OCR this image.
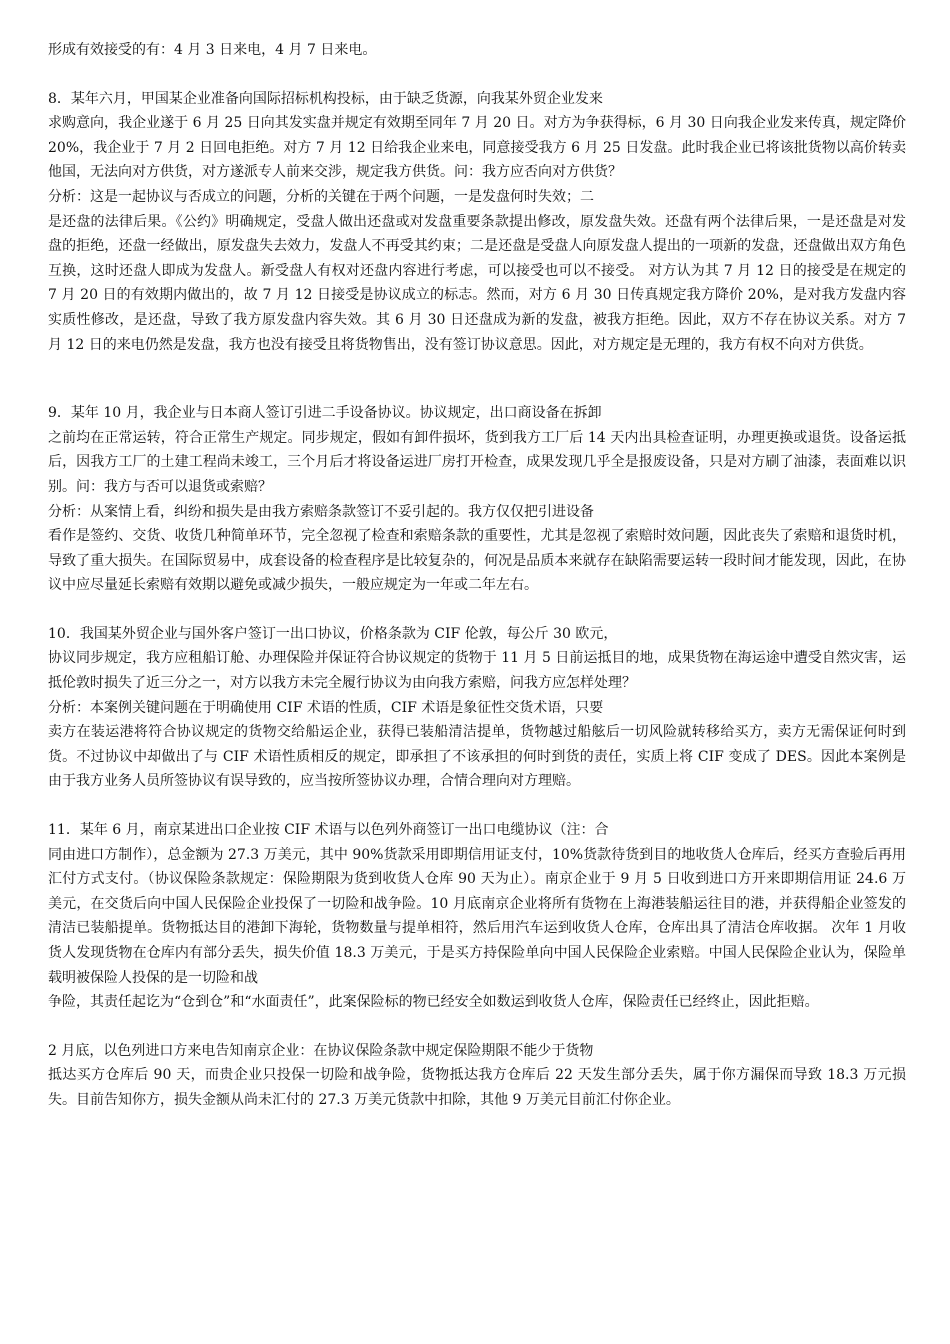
形成有效接受的有：4 月 3 日来电，4 月 7 日来电。
8．某年六月，甲国某企业准备向国际招标机构投标，由于缺乏货源，向我某外贸企业发来
求购意向，我企业遂于 6 月 25 日向其发实盘并规定有效期至同年 7 月 20 日。对方为争获得标，6 月 30 日向我企业发来传真，规定降价 20%，我企业于 7 月 2 日回电拒绝。对方 7 月 12 日给我企业来电，同意接受我方 6 月 25 日发盘。此时我企业已将该批货物以高价转卖他国，无法向对方供货，对方遂派专人前来交涉，规定我方供货。问：我方应否向对方供货？
分析：这是一起协议与否成立的问题，分析的关键在于两个问题，一是发盘何时失效；二
是还盘的法律后果。《公约》明确规定，受盘人做出还盘或对发盘重要条款提出修改，原发盘失效。还盘有两个法律后果，一是还盘是对发盘的拒绝，还盘一经做出，原发盘失去效力，发盘人不再受其约束；二是还盘是受盘人向原发盘人提出的一项新的发盘，还盘做出双方角色互换，这时还盘人即成为发盘人。新受盘人有权对还盘内容进行考虑，可以接受也可以不接受。 对方认为其 7 月 12 日的接受是在规定的 7 月 20 日的有效期内做出的，故 7 月 12 日接受是协议成立的标志。然而，对方 6 月 30 日传真规定我方降价 20%，是对我方发盘内容实质性修改，是还盘，导致了我方原发盘内容失效。其 6 月 30 日还盘成为新的发盘，被我方拒绝。因此，双方不存在协议关系。对方 7 月 12 日的来电仍然是发盘，我方也没有接受且将货物售出，没有签订协议意思。因此，对方规定是无理的，我方有权不向对方供货。
9．某年 10 月，我企业与日本商人签订引进二手设备协议。协议规定，出口商设备在拆卸
之前均在正常运转，符合正常生产规定。同步规定，假如有卸件损坏，货到我方工厂后 14 天内出具检查证明，办理更换或退货。设备运抵后，因我方工厂的土建工程尚未竣工，三个月后才将设备运进厂房打开检查，成果发现几乎全是报废设备，只是对方刷了油漆，表面难以识别。问：我方与否可以退货或索赔？
分析：从案情上看，纠纷和损失是由我方索赔条款签订不妥引起的。我方仅仅把引进设备
看作是签约、交货、收货几种简单环节，完全忽视了检查和索赔条款的重要性，尤其是忽视了索赔时效问题，因此丧失了索赔和退货时机，导致了重大损失。在国际贸易中，成套设备的检查程序是比较复杂的，何况是品质本来就存在缺陷需要运转一段时间才能发现，因此，在协议中应尽量延长索赔有效期以避免或减少损失，一般应规定为一年或二年左右。
10．我国某外贸企业与国外客户签订一出口协议，价格条款为 CIF 伦敦，每公斤 30 欧元，
协议同步规定，我方应租船订舱、办理保险并保证符合协议规定的货物于 11 月 5 日前运抵目的地，成果货物在海运途中遭受自然灾害，运抵伦敦时损失了近三分之一，对方以我方未完全履行协议为由向我方索赔，问我方应怎样处理？
分析：本案例关键问题在于明确使用 CIF 术语的性质，CIF 术语是象征性交货术语，只要
卖方在装运港将符合协议规定的货物交给船运企业，获得已装船清洁提单，货物越过船舷后一切风险就转移给买方，卖方无需保证何时到货。不过协议中却做出了与 CIF 术语性质相反的规定，即承担了不该承担的何时到货的责任，实质上将 CIF 变成了 DES。因此本案例是由于我方业务人员所签协议有误导致的，应当按所签协议办理，合情合理向对方理赔。
11．某年 6 月，南京某进出口企业按 CIF 术语与以色列外商签订一出口电缆协议（注：合
同由进口方制作），总金额为 27.3 万美元，其中 90%货款采用即期信用证支付，10%货款待货到目的地收货人仓库后，经买方查验后再用汇付方式支付。（协议保险条款规定：保险期限为货到收货人仓库 90 天为止）。南京企业于 9 月 5 日收到进口方开来即期信用证 24.6 万美元，在交货后向中国人民保险企业投保了一切险和战争险。10 月底南京企业将所有货物在上海港装船运往目的港，并获得船企业签发的清洁已装船提单。货物抵达目的港卸下海轮，货物数量与提单相符，然后用汽车运到收货人仓库，仓库出具了清洁仓库收据。 次年 1 月收货人发现货物在仓库内有部分丢失，损失价值 18.3 万美元，于是买方持保险单向中国人民保险企业索赔。中国人民保险企业认为，保险单载明被保险人投保的是一切险和战
争险，其责任起讫为“仓到仓”和“水面责任”，此案保险标的物已经安全如数运到收货人仓库，保险责任已经终止，因此拒赔。
2 月底，以色列进口方来电告知南京企业：在协议保险条款中规定保险期限不能少于货物
抵达买方仓库后 90 天，而贵企业只投保一切险和战争险，货物抵达我方仓库后 22 天发生部分丢失，属于你方漏保而导致 18.3 万元损失。目前告知你方，损失金额从尚未汇付的 27.3 万美元货款中扣除，其他 9 万美元目前汇付你企业。
